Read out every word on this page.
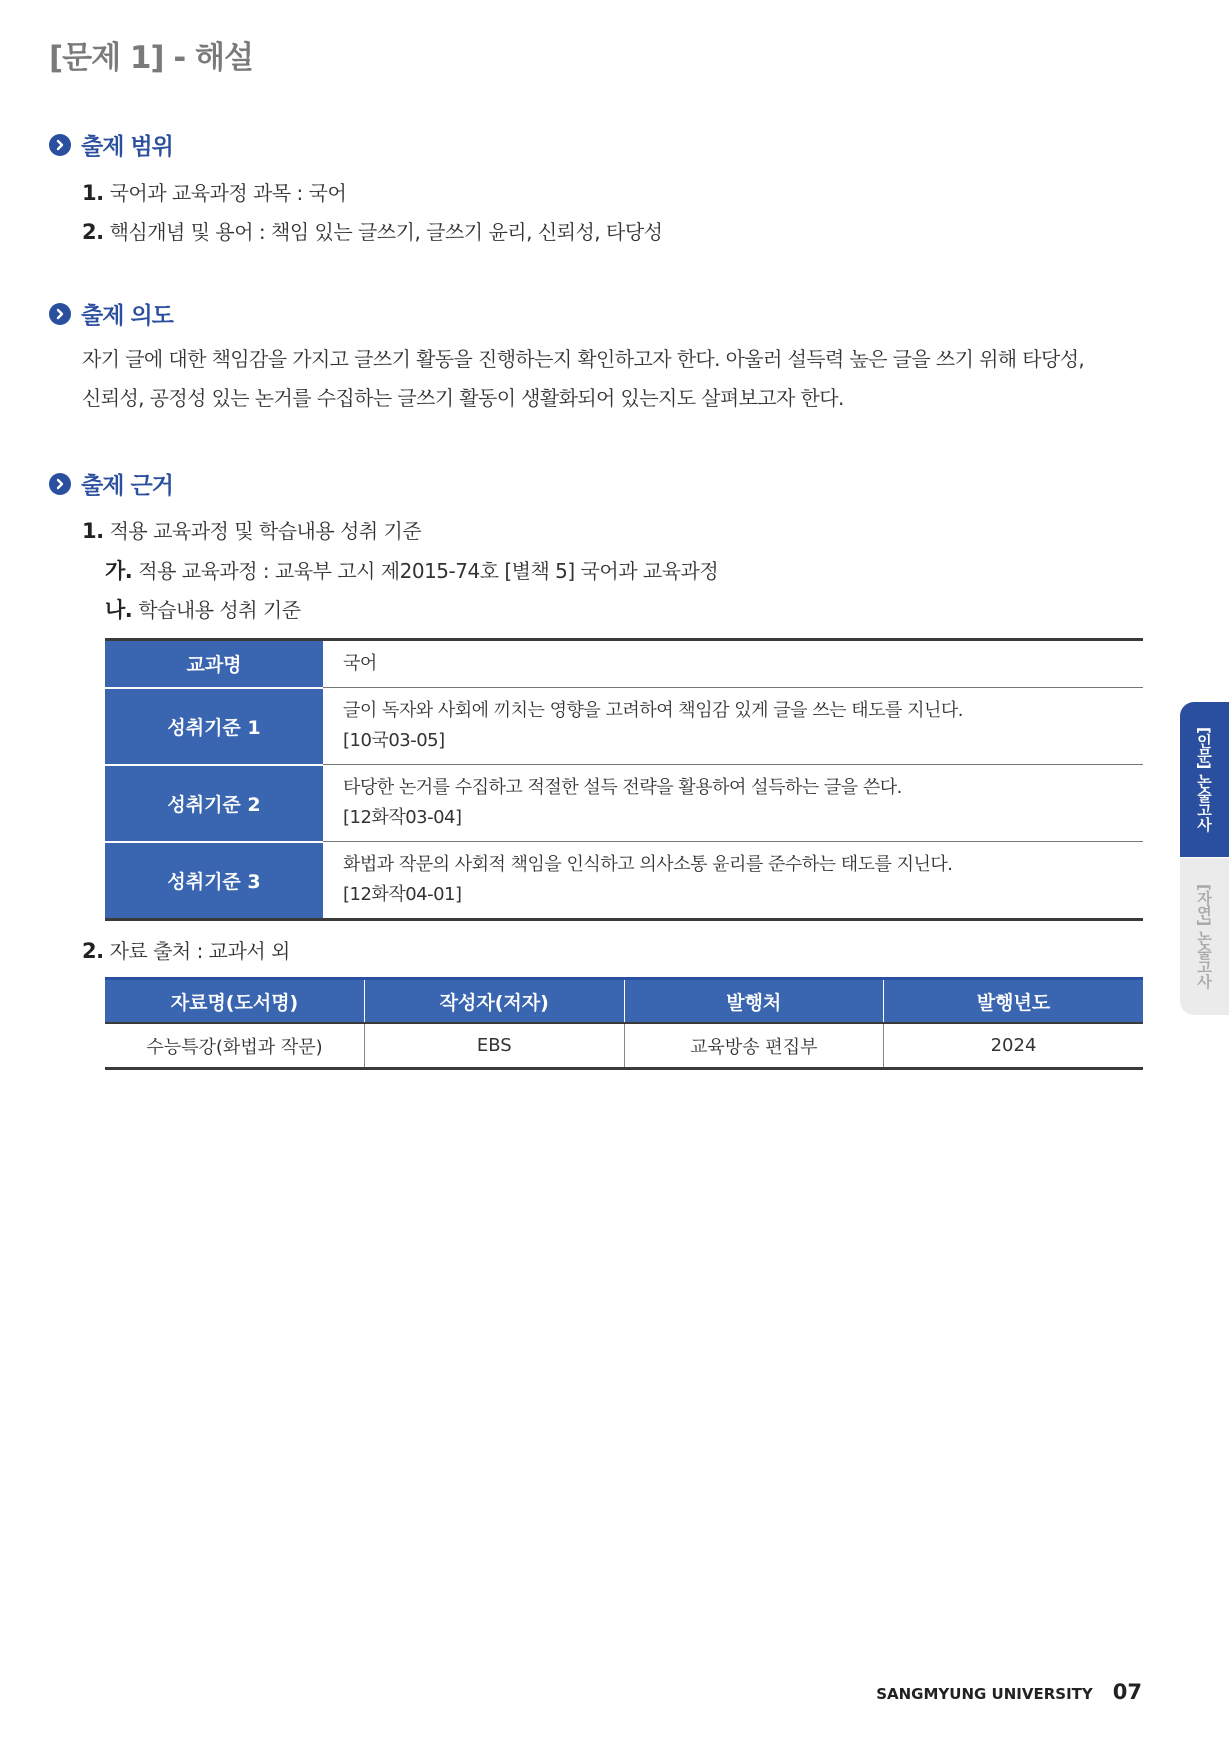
[문제 1] - 해설
출제 범위
1. 국어과 교육과정 과목 : 국어
2. 핵심개념 및 용어 : 책임 있는 글쓰기, 글쓰기 윤리, 신뢰성, 타당성
출제 의도
자기 글에 대한 책임감을 가지고 글쓰기 활동을 진행하는지 확인하고자 한다. 아울러 설득력 높은 글을 쓰기 위해 타당성,
신뢰성, 공정성 있는 논거를 수집하는 글쓰기 활동이 생활화되어 있는지도 살펴보고자 한다.
출제 근거
1. 적용 교육과정 및 학습내용 성취 기준
가. 적용 교육과정 : 교육부 고시 제2015-74호 [별책 5] 국어과 교육과정
나. 학습내용 성취 기준
교과명	국어
성취기준 1	글이 독자와 사회에 끼치는 영향을 고려하여 책임감 있게 글을 쓰는 태도를 지닌다.
[10국03-05]

성취기준 2	타당한 논거를 수집하고 적절한 설득 전략을 활용하여 설득하는 글을 쓴다.
[12화작03-04]

성취기준 3	화법과 작문의 사회적 책임을 인식하고 의사소통 윤리를 준수하는 태도를 지닌다.
[12화작04-01]
2. 자료 출처 : 교과서 외
자료명(도서명)	작성자(저자)	발행처	발행년도
수능특강(화법과 작문)	EBS	교육방송 편집부	2024
[인문] 논술고사
[자연] 논술고사
SANGMYUNG UNIVERSITY 07
